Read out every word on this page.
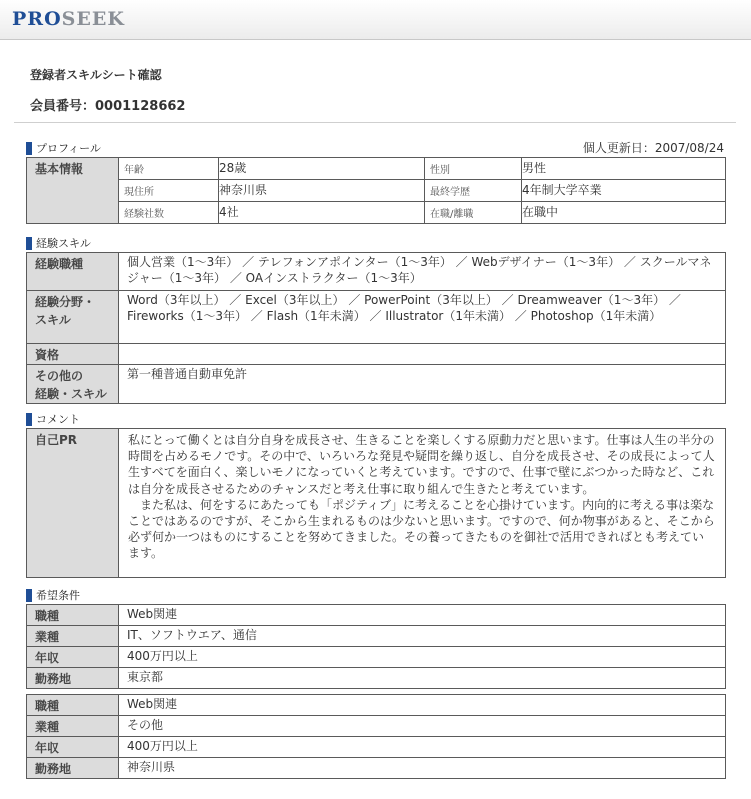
PROSEEK
登録者スキルシート確認
会員番号：0001128662
プロフィール	個人更新日：2007/08/24
基本情報	年齢	28歳	性別	男性
	現住所	神奈川県	最終学歴	4年制大学卒業
	経験社数	4社	在職/離職	在職中
経験スキル
経験職種	個人営業（1〜3年） ／ テレフォンアポインター（1〜3年） ／ Webデザイナー（1〜3年） ／ スクールマネジャー（1〜3年） ／ OAインストラクター（1〜3年）

経験分野・
スキル	Word（3年以上） ／ Excel（3年以上） ／ PowerPoint（3年以上） ／ Dreamweaver（1〜3年） ／ Fireworks（1〜3年） ／ Flash（1年未満） ／ Illustrator（1年未満） ／ Photoshop（1年未満）
資格	

その他の
経験・スキル	第一種普通自動車免許
コメント
自己PR	私にとって働くとは自分自身を成長させ、生きることを楽しくする原動力だと思います。仕事は人生の半分の時間を占めるモノです。その中で、いろいろな発見や疑問を繰り返し、自分を成長させ、その成長によって人生すべてを面白く、楽しいモノになっていくと考えています。ですので、仕事で壁にぶつかった時など、これは自分を成長させるためのチャンスだと考え仕事に取り組んで生きたと考えています。
　また私は、何をするにあたっても「ポジティブ」に考えることを心掛けています。内向的に考える事は楽なことではあるのですが、そこから生まれるものは少ないと思います。ですので、何か物事があると、そこから必ず何か一つはものにすることを努めてきました。その養ってきたものを御社で活用できればとも考えています。
希望条件
職種	Web関連
業種	IT、ソフトウエア、通信
年収	400万円以上
勤務地	東京都
職種	Web関連
業種	その他
年収	400万円以上
勤務地	神奈川県
